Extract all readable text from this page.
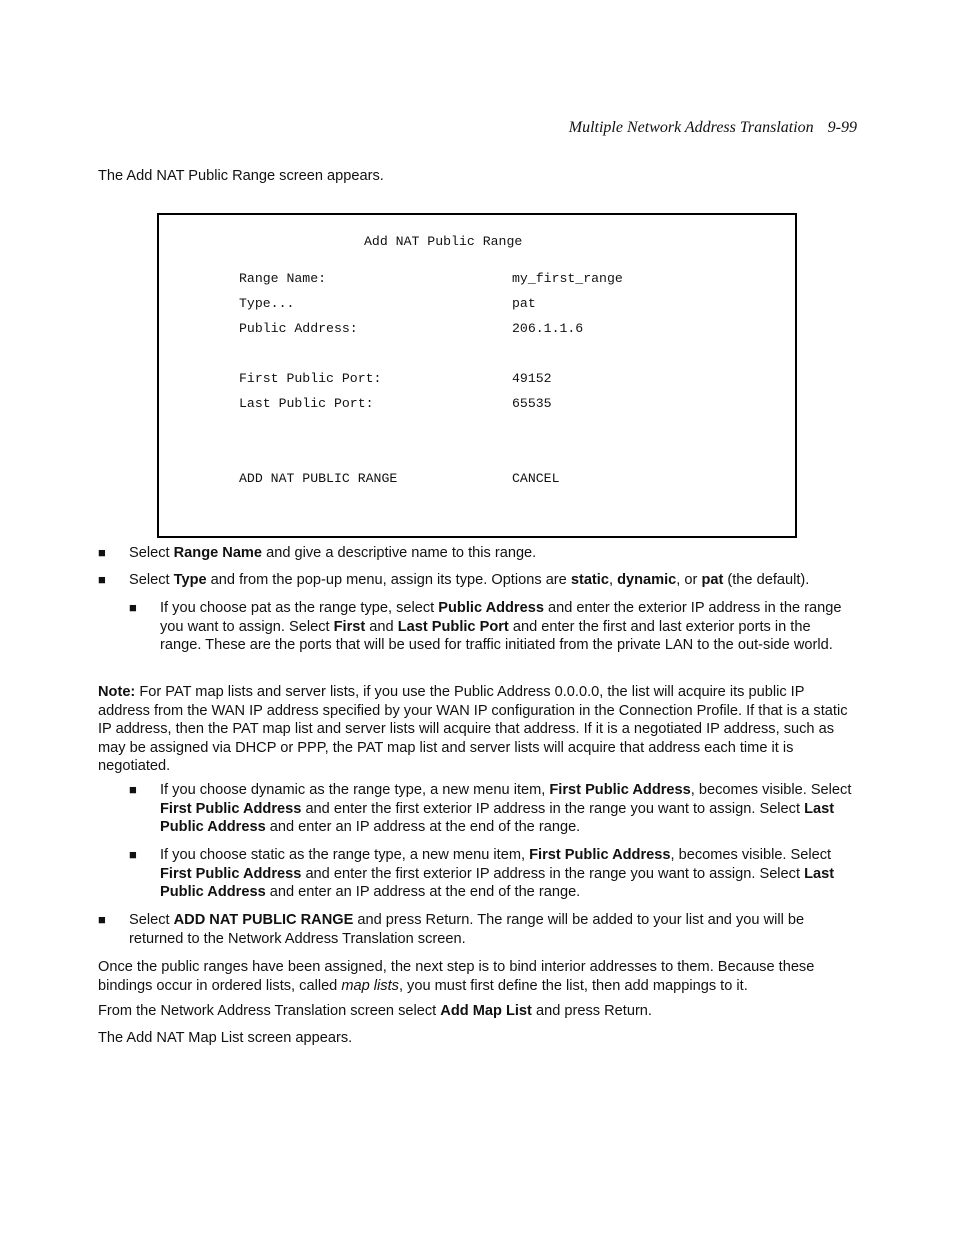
Multiple Network Address Translation 9-99

The Add NAT Public Range screen appears.

Add NAT Public Range
Range Name:	my_first_range
Type...	pat
Public Address:	206.1.1.6
First Public Port:	49152
Last Public Port:	65535
ADD NAT PUBLIC RANGE	CANCEL
■	Select Range Name and give a descriptive name to this range.
■	Select Type and from the pop-up menu, assign its type. Options are static, dynamic, or pat (the default).
■	If you choose pat as the range type, select Public Address and enter the exterior IP address in the range you want to assign. Select First and Last Public Port and enter the first and last exterior ports in the range. These are the ports that will be used for traffic initiated from the private LAN to the out-side world.

Note: For PAT map lists and server lists, if you use the Public Address 0.0.0.0, the list will acquire its public IP address from the WAN IP address specified by your WAN IP configuration in the Connection Profile. If that is a static IP address, then the PAT map list and server lists will acquire that address. If it is a negotiated IP address, such as may be assigned via DHCP or PPP, the PAT map list and server lists will acquire that address each time it is negotiated.

■	If you choose dynamic as the range type, a new menu item, First Public Address, becomes visible. Select First Public Address and enter the first exterior IP address in the range you want to assign. Select Last Public Address and enter an IP address at the end of the range.
■	If you choose static as the range type, a new menu item, First Public Address, becomes visible. Select First Public Address and enter the first exterior IP address in the range you want to assign. Select Last Public Address and enter an IP address at the end of the range.
■	Select ADD NAT PUBLIC RANGE and press Return. The range will be added to your list and you will be returned to the Network Address Translation screen.

Once the public ranges have been assigned, the next step is to bind interior addresses to them. Because these bindings occur in ordered lists, called map lists, you must first define the list, then add mappings to it.

From the Network Address Translation screen select Add Map List and press Return.

The Add NAT Map List screen appears.
